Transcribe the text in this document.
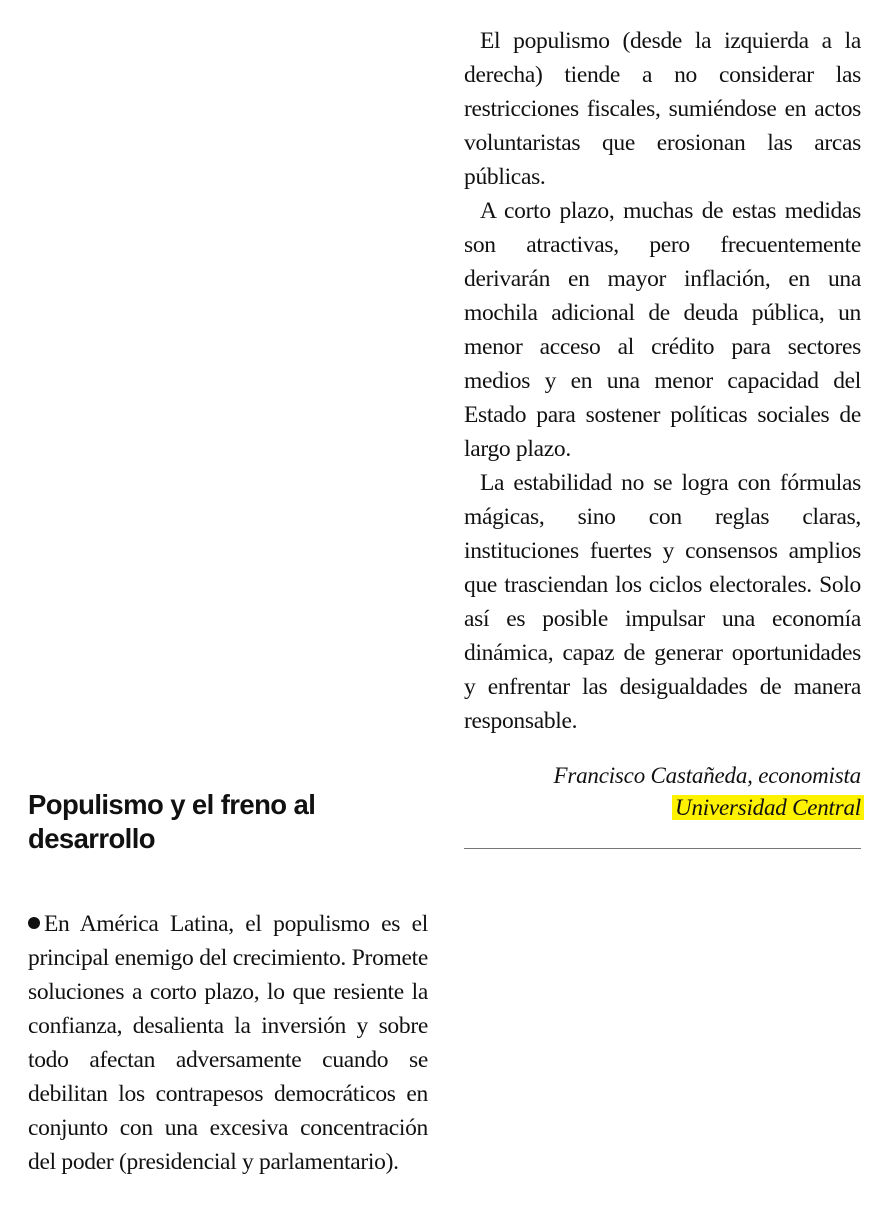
El populismo (desde la izquierda a la derecha) tiende a no considerar las restricciones fiscales, sumiéndose en actos voluntaristas que erosionan las arcas públicas.

A corto plazo, muchas de estas medidas son atractivas, pero frecuentemente derivarán en mayor inflación, en una mochila adicional de deuda pública, un menor acceso al crédito para sectores medios y en una menor capacidad del Estado para sostener políticas sociales de largo plazo.

La estabilidad no se logra con fórmulas mágicas, sino con reglas claras, instituciones fuertes y consensos amplios que trasciendan los ciclos electorales. Solo así es posible impulsar una economía dinámica, capaz de generar oportunidades y enfrentar las desigualdades de manera responsable.

Francisco Castañeda, economista
Universidad Central
Populismo y el freno al desarrollo

En América Latina, el populismo es el principal enemigo del crecimiento. Promete soluciones a corto plazo, lo que resiente la confianza, desalienta la inversión y sobre todo afectan adversamente cuando se debilitan los contrapesos democráticos en conjunto con una excesiva concentración del poder (presidencial y parlamentario).
